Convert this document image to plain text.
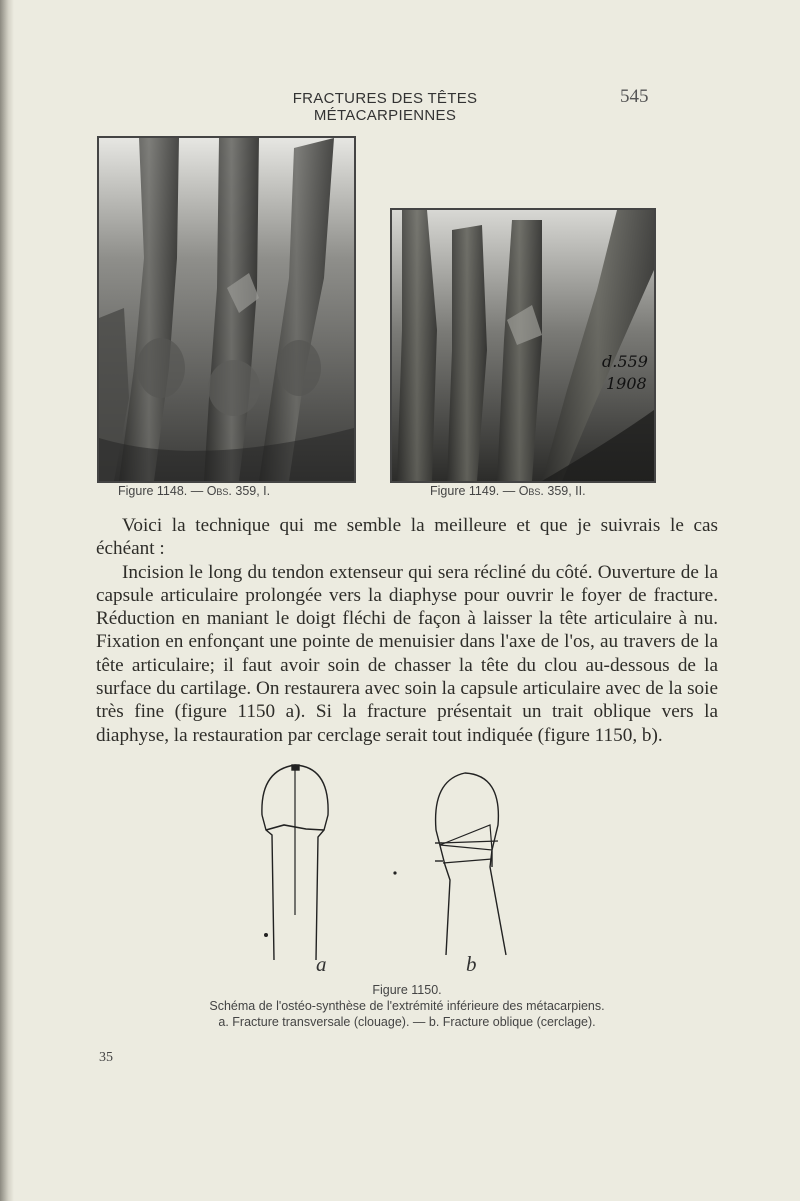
FRACTURES DES TÊTES MÉTACARPIENNES
545
d.559
1908
Figure 1148. — Obs. 359, I.	Figure 1149. — Obs. 359, II.

Voici la technique qui me semble la meilleure et que je suivrais le cas échéant :

Incision le long du tendon extenseur qui sera récliné du côté. Ouverture de la capsule articulaire prolongée vers la diaphyse pour ouvrir le foyer de fracture. Réduction en maniant le doigt fléchi de façon à laisser la tête articulaire à nu. Fixation en enfonçant une pointe de menuisier dans l'axe de l'os, au travers de la tête articulaire; il faut avoir soin de chasser la tête du clou au-dessous de la surface du cartilage. On restaurera avec soin la capsule articulaire avec de la soie très fine (figure 1150 a). Si la fracture présentait un trait oblique vers la diaphyse, la restauration par cerclage serait tout indiquée (figure 1150, b).

a	b
Figure 1150.
Schéma de l'ostéo-synthèse de l'extrémité inférieure des métacarpiens.
a. Fracture transversale (clouage). — b. Fracture oblique (cerclage).
35
